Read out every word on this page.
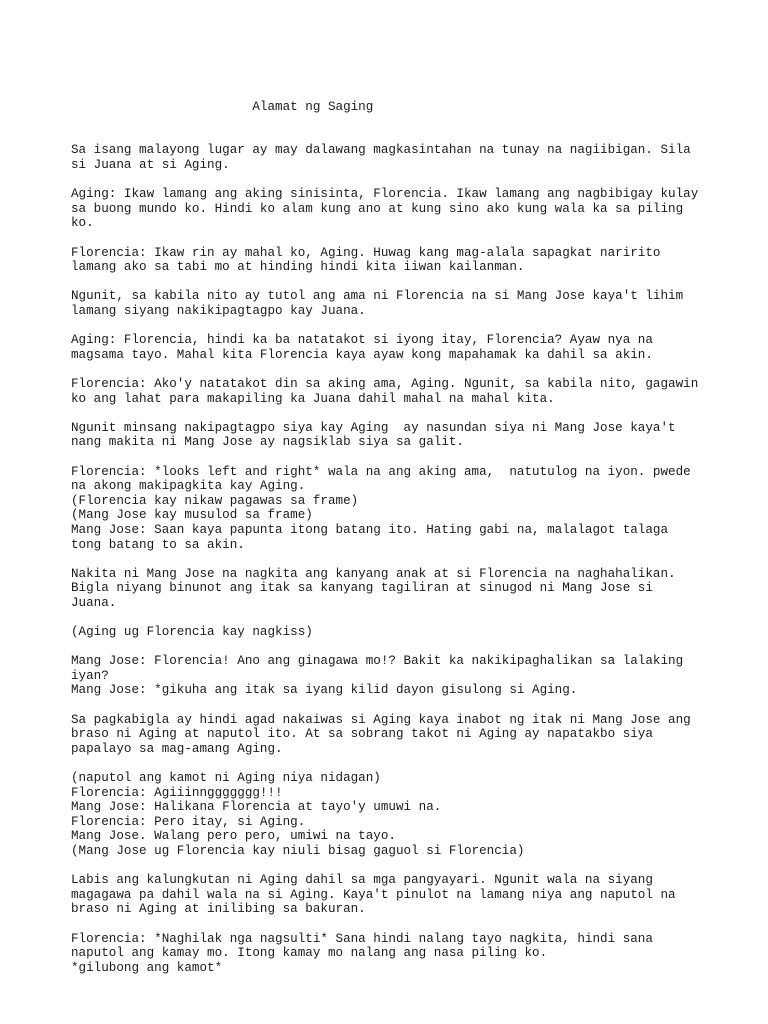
Alamat ng Saging

Sa isang malayong lugar ay may dalawang magkasintahan na tunay na nagiibigan. Sila
si Juana at si Aging.
Aging: Ikaw lamang ang aking sinisinta, Florencia. Ikaw lamang ang nagbibigay kulay
sa buong mundo ko. Hindi ko alam kung ano at kung sino ako kung wala ka sa piling
ko.
Florencia: Ikaw rin ay mahal ko, Aging. Huwag kang mag-alala sapagkat naririto
lamang ako sa tabi mo at hinding hindi kita iiwan kailanman.
Ngunit, sa kabila nito ay tutol ang ama ni Florencia na si Mang Jose kaya't lihim
lamang siyang nakikipagtagpo kay Juana.
Aging: Florencia, hindi ka ba natatakot si iyong itay, Florencia? Ayaw nya na
magsama tayo. Mahal kita Florencia kaya ayaw kong mapahamak ka dahil sa akin.
Florencia: Ako'y natatakot din sa aking ama, Aging. Ngunit, sa kabila nito, gagawin
ko ang lahat para makapiling ka Juana dahil mahal na mahal kita.
Ngunit minsang nakipagtagpo siya kay Aging  ay nasundan siya ni Mang Jose kaya't
nang makita ni Mang Jose ay nagsiklab siya sa galit.
Florencia: *looks left and right* wala na ang aking ama,  natutulog na iyon. pwede
na akong makipagkita kay Aging.
(Florencia kay nikaw pagawas sa frame)
(Mang Jose kay musulod sa frame)
Mang Jose: Saan kaya papunta itong batang ito. Hating gabi na, malalagot talaga
tong batang to sa akin.
Nakita ni Mang Jose na nagkita ang kanyang anak at si Florencia na naghahalikan.
Bigla niyang binunot ang itak sa kanyang tagiliran at sinugod ni Mang Jose si
Juana.
(Aging ug Florencia kay nagkiss)
Mang Jose: Florencia! Ano ang ginagawa mo!? Bakit ka nakikipaghalikan sa lalaking
iyan?
Mang Jose: *gikuha ang itak sa iyang kilid dayon gisulong si Aging.
Sa pagkabigla ay hindi agad nakaiwas si Aging kaya inabot ng itak ni Mang Jose ang
braso ni Aging at naputol ito. At sa sobrang takot ni Aging ay napatakbo siya
papalayo sa mag-amang Aging.
(naputol ang kamot ni Aging niya nidagan)
Florencia: Agiiinnggggggg!!!
Mang Jose: Halikana Florencia at tayo'y umuwi na.
Florencia: Pero itay, si Aging.
Mang Jose. Walang pero pero, umiwi na tayo.
(Mang Jose ug Florencia kay niuli bisag gaguol si Florencia)
Labis ang kalungkutan ni Aging dahil sa mga pangyayari. Ngunit wala na siyang
magagawa pa dahil wala na si Aging. Kaya't pinulot na lamang niya ang naputol na
braso ni Aging at inilibing sa bakuran.
Florencia: *Naghilak nga nagsulti* Sana hindi nalang tayo nagkita, hindi sana
naputol ang kamay mo. Itong kamay mo nalang ang nasa piling ko.
*gilubong ang kamot*
